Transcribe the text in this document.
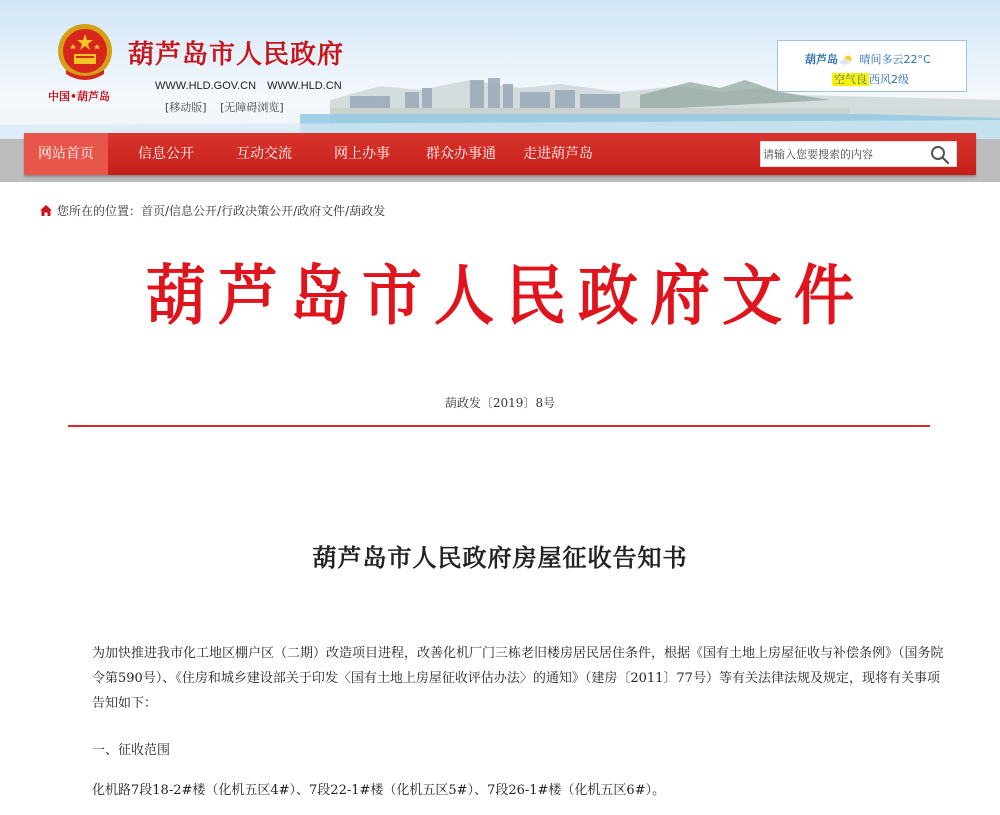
中国•葫芦岛
葫芦岛市人民政府
WWW.HLD.GOV.CN WWW.HLD.CN
[移动版] [无障碍浏览]
葫芦岛 晴间多云22°C
空气良 西风2级
网站首页	信息公开	互动交流	网上办事	群众办事通 走进葫芦岛
请输入您要搜索的内容
您所在的位置：首页/信息公开/行政决策公开/政府文件/葫政发
葫芦岛市人民政府文件
葫政发〔2019〕8号
葫芦岛市人民政府房屋征收告知书
为加快推进我市化工地区棚户区（二期）改造项目进程，改善化机厂门三栋老旧楼房居民居住条件，根据《国有土地上房屋征收与补偿条例》（国务院令第590号）、《住房和城乡建设部关于印发〈国有土地上房屋征收评估办法〉的通知》（建房〔2011〕77号）等有关法律法规及规定，现将有关事项告知如下：
一、征收范围
化机路7段18-2#楼（化机五区4#）、7段22-1#楼（化机五区5#）、7段26-1#楼（化机五区6#）。
